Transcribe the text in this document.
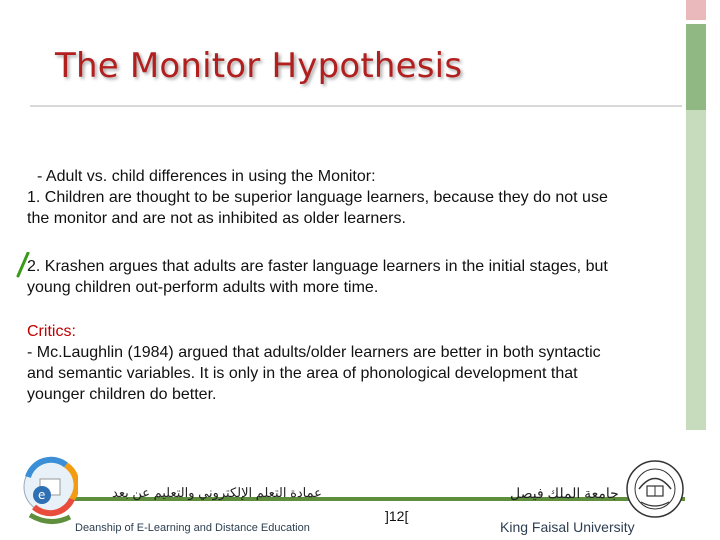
The Monitor Hypothesis
- Adult vs. child differences in using the Monitor:
1. Children are thought to be superior language learners, because they do not use the monitor and are not as inhibited as older learners.
2. Krashen argues that adults are faster language learners in the initial stages, but young children out-perform adults with more time.
Critics:
- Mc.Laughlin (1984) argued that adults/older learners are better in both syntactic and semantic variables. It is only in the area of phonological development that younger children do better.
e	عمادة التعلم الإلكتروني والتعليم عن بعد
Deanship of E-Learning and Distance Education
]12[
جامعة الملك فيصل
King Faisal University
